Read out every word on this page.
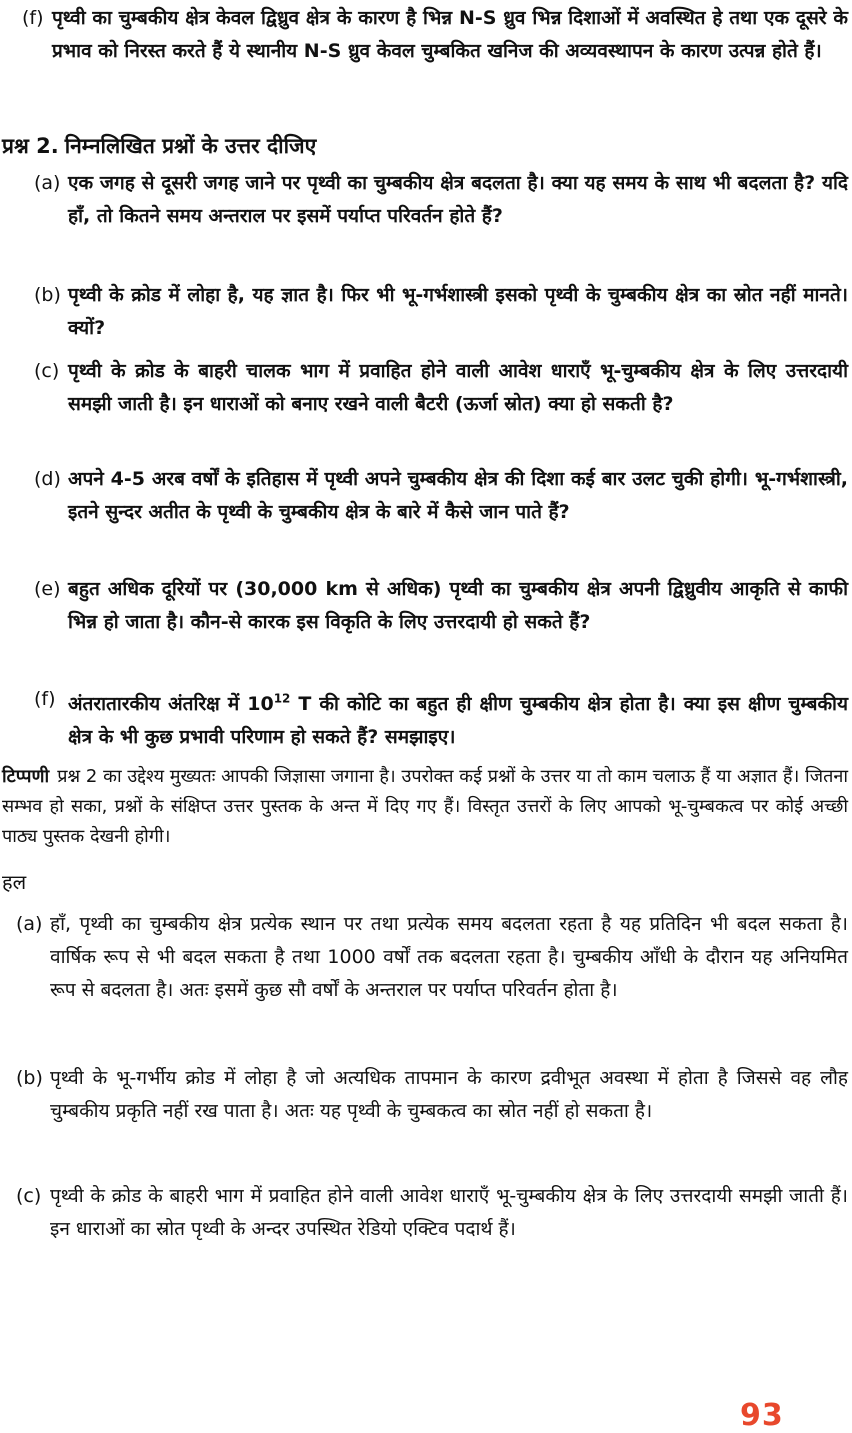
(f) पृथ्वी का चुम्बकीय क्षेत्र केवल द्विध्रुव क्षेत्र के कारण है भिन्न N-S ध्रुव भिन्न दिशाओं में अवस्थित हे तथा एक दूसरे के प्रभाव को निरस्त करते हैं ये स्थानीय N-S ध्रुव केवल चुम्बकित खनिज की अव्यवस्थापन के कारण उत्पन्न होते हैं।
प्रश्न 2. निम्नलिखित प्रश्नों के उत्तर दीजिए
(a) एक जगह से दूसरी जगह जाने पर पृथ्वी का चुम्बकीय क्षेत्र बदलता है। क्या यह समय के साथ भी बदलता है? यदि हाँ, तो कितने समय अन्तराल पर इसमें पर्याप्त परिवर्तन होते हैं?
(b) पृथ्वी के क्रोड में लोहा है, यह ज्ञात है। फिर भी भू-गर्भशास्त्री इसको पृथ्वी के चुम्बकीय क्षेत्र का स्रोत नहीं मानते। क्यों?
(c) पृथ्वी के क्रोड के बाहरी चालक भाग में प्रवाहित होने वाली आवेश धाराएँ भू-चुम्बकीय क्षेत्र के लिए उत्तरदायी समझी जाती है। इन धाराओं को बनाए रखने वाली बैटरी (ऊर्जा स्रोत) क्या हो सकती है?
(d) अपने 4-5 अरब वर्षों के इतिहास में पृथ्वी अपने चुम्बकीय क्षेत्र की दिशा कई बार उलट चुकी होगी। भू-गर्भशास्त्री, इतने सुन्दर अतीत के पृथ्वी के चुम्बकीय क्षेत्र के बारे में कैसे जान पाते हैं?
(e) बहुत अधिक दूरियों पर (30,000 km से अधिक) पृथ्वी का चुम्बकीय क्षेत्र अपनी द्विध्रुवीय आकृति से काफी भिन्न हो जाता है। कौन-से कारक इस विकृति के लिए उत्तरदायी हो सकते हैं?
(f) अंतरातारकीय अंतरिक्ष में $10^{12}$ T की कोटि का बहुत ही क्षीण चुम्बकीय क्षेत्र होता है। क्या इस क्षीण चुम्बकीय क्षेत्र के भी कुछ प्रभावी परिणाम हो सकते हैं? समझाइए।
टिप्पणी प्रश्न 2 का उद्देश्य मुख्यतः आपकी जिज्ञासा जगाना है। उपरोक्त कई प्रश्नों के उत्तर या तो काम चलाऊ हैं या अज्ञात हैं। जितना सम्भव हो सका, प्रश्नों के संक्षिप्त उत्तर पुस्तक के अन्त में दिए गए हैं। विस्तृत उत्तरों के लिए आपको भू-चुम्बकत्व पर कोई अच्छी पाठ्य पुस्तक देखनी होगी।
हल
(a) हाँ, पृथ्वी का चुम्बकीय क्षेत्र प्रत्येक स्थान पर तथा प्रत्येक समय बदलता रहता है यह प्रतिदिन भी बदल सकता है। वार्षिक रूप से भी बदल सकता है तथा 1000 वर्षों तक बदलता रहता है। चुम्बकीय आँधी के दौरान यह अनियमित रूप से बदलता है। अतः इसमें कुछ सौ वर्षों के अन्तराल पर पर्याप्त परिवर्तन होता है।
(b) पृथ्वी के भू-गर्भीय क्रोड में लोहा है जो अत्यधिक तापमान के कारण द्रवीभूत अवस्था में होता है जिससे वह लौह चुम्बकीय प्रकृति नहीं रख पाता है। अतः यह पृथ्वी के चुम्बकत्व का स्रोत नहीं हो सकता है।
(c) पृथ्वी के क्रोड के बाहरी भाग में प्रवाहित होने वाली आवेश धाराएँ भू-चुम्बकीय क्षेत्र के लिए उत्तरदायी समझी जाती हैं। इन धाराओं का स्रोत पृथ्वी के अन्दर उपस्थित रेडियो एक्टिव पदार्थ हैं।
93
